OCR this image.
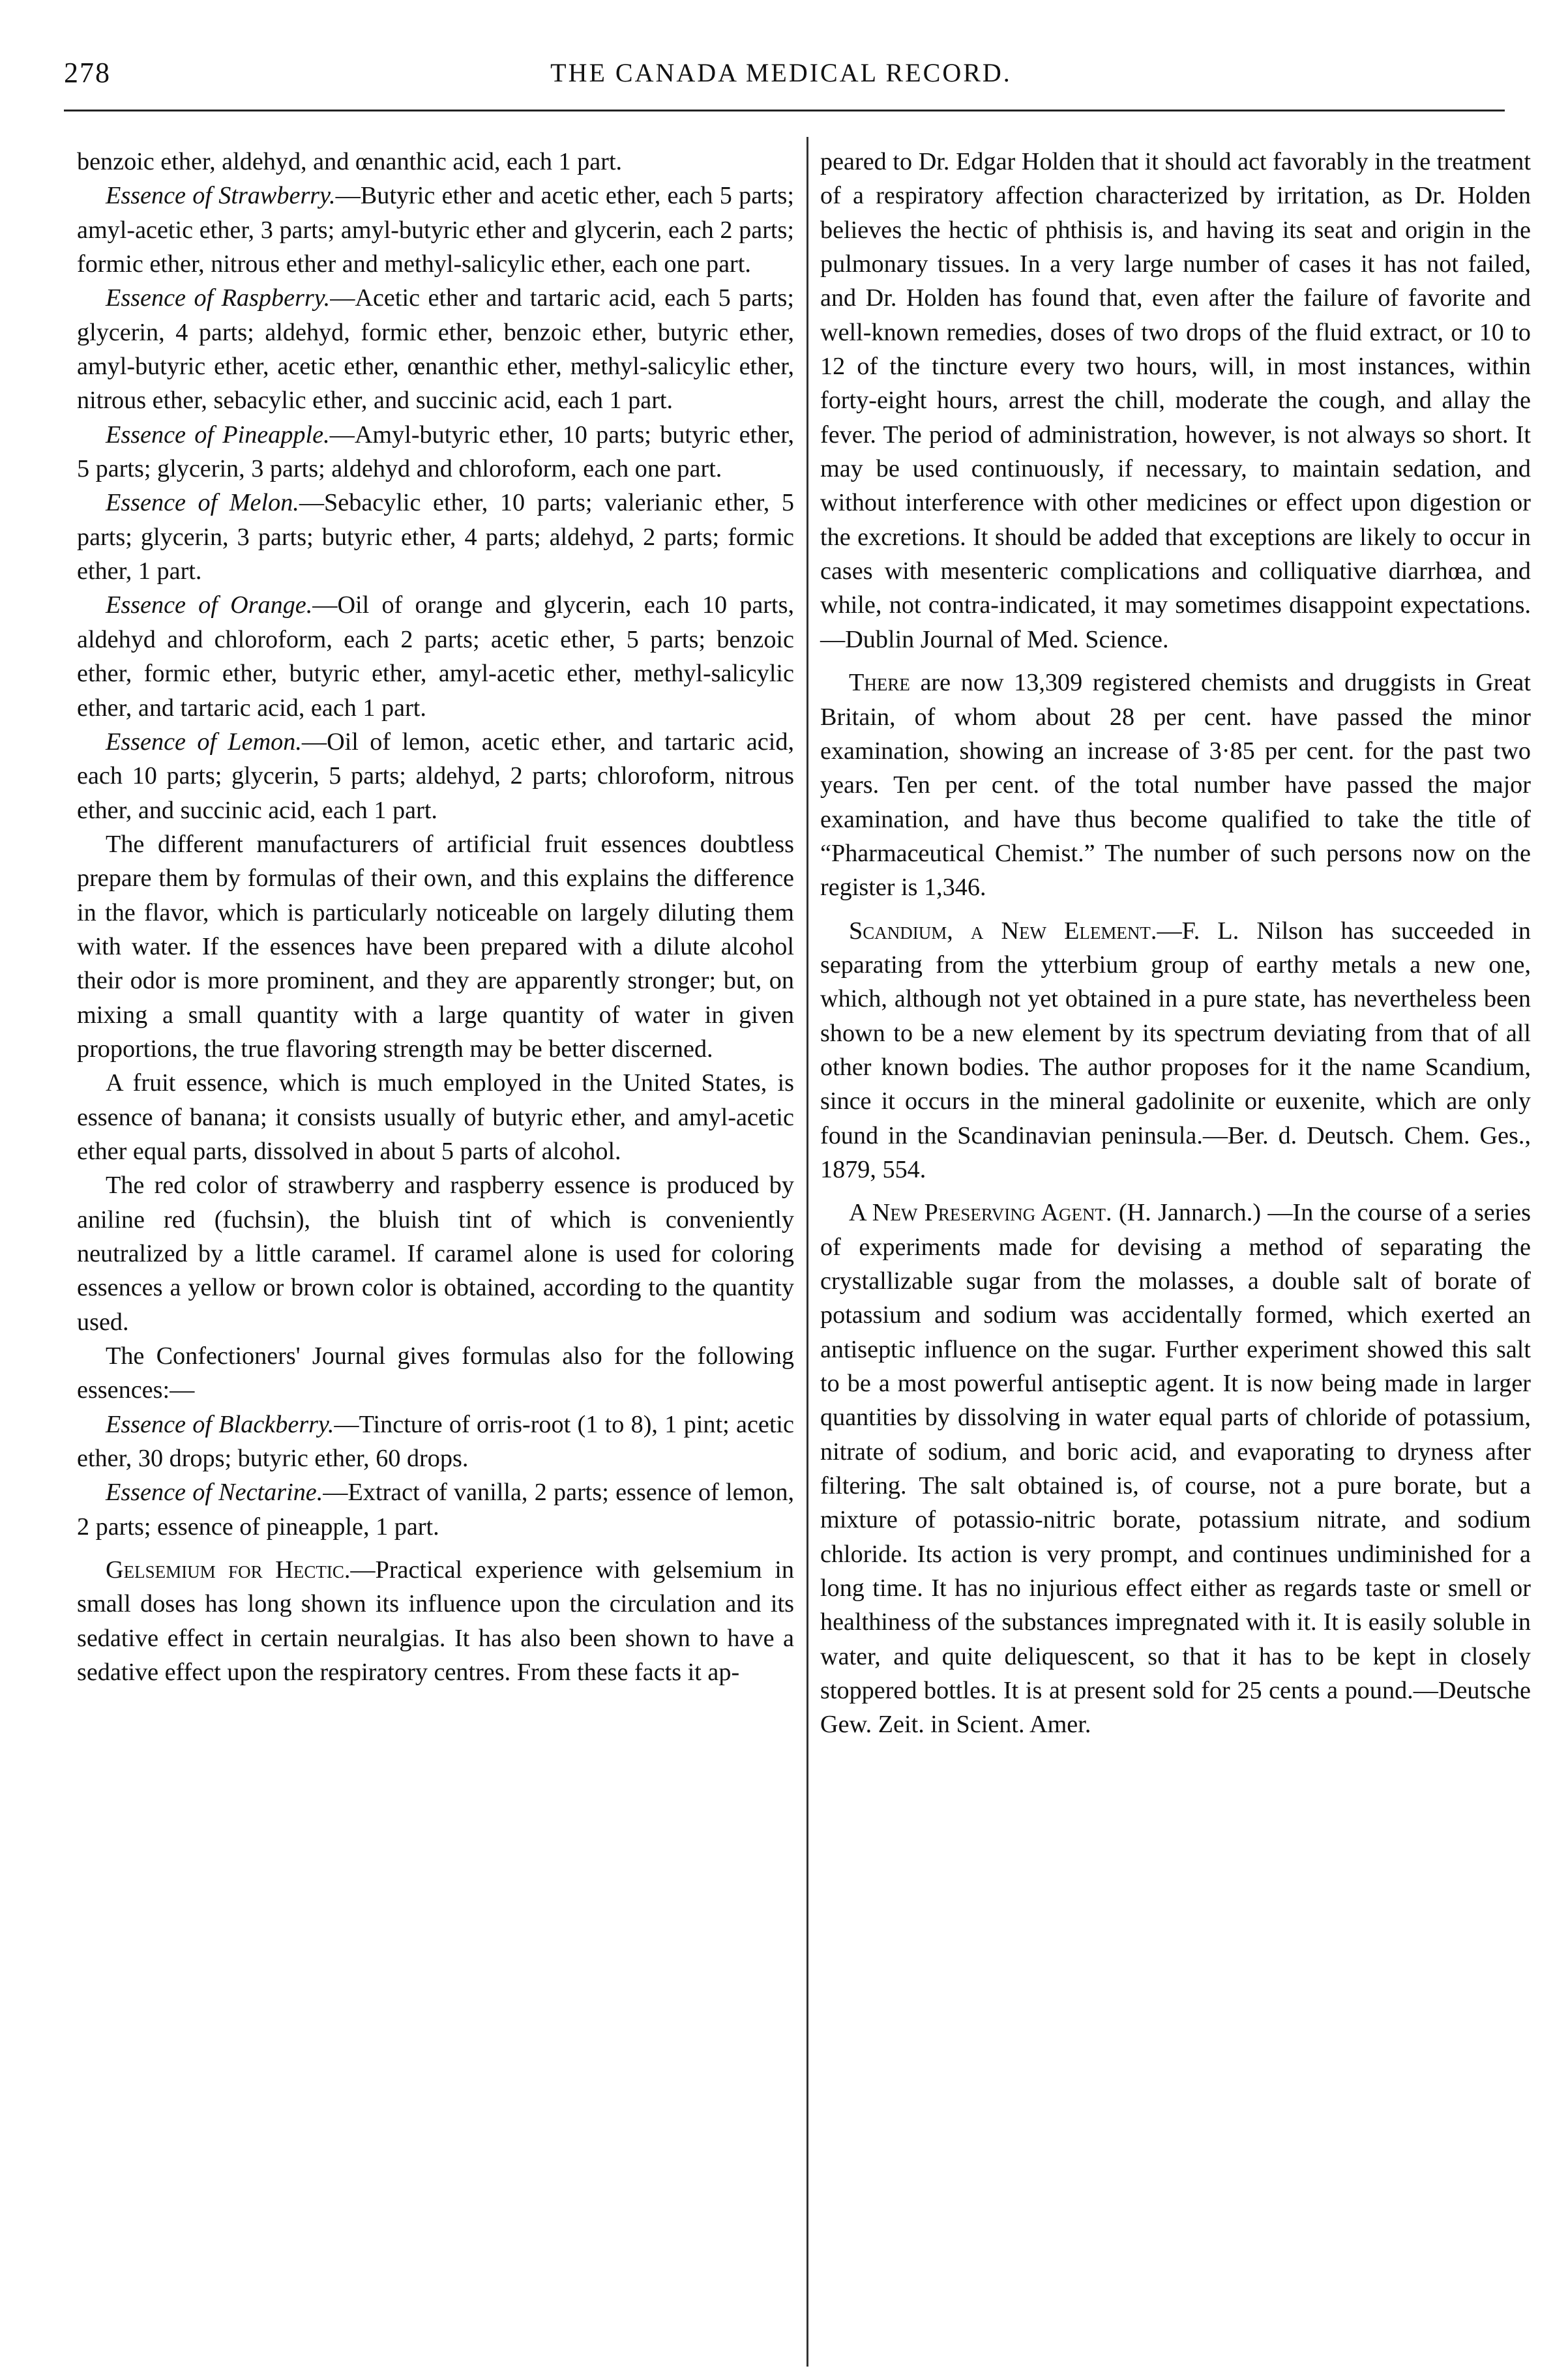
278	THE CANADA MEDICAL RECORD.

benzoic ether, aldehyd, and œnanthic acid, each 1 part.

Essence of Strawberry.—Butyric ether and acetic ether, each 5 parts; amyl-acetic ether, 3 parts; amyl-butyric ether and glycerin, each 2 parts; formic ether, nitrous ether and methyl-salicylic ether, each one part.

Essence of Raspberry.—Acetic ether and tartaric acid, each 5 parts; glycerin, 4 parts; aldehyd, formic ether, benzoic ether, butyric ether, amyl-butyric ether, acetic ether, œnanthic ether, methyl-salicylic ether, nitrous ether, sebacylic ether, and succinic acid, each 1 part.

Essence of Pineapple.—Amyl-butyric ether, 10 parts; butyric ether, 5 parts; glycerin, 3 parts; aldehyd and chloroform, each one part.

Essence of Melon.—Sebacylic ether, 10 parts; valerianic ether, 5 parts; glycerin, 3 parts; butyric ether, 4 parts; aldehyd, 2 parts; formic ether, 1 part.

Essence of Orange.—Oil of orange and glycerin, each 10 parts, aldehyd and chloroform, each 2 parts; acetic ether, 5 parts; benzoic ether, formic ether, butyric ether, amyl-acetic ether, methyl-salicylic ether, and tartaric acid, each 1 part.

Essence of Lemon.—Oil of lemon, acetic ether, and tartaric acid, each 10 parts; glycerin, 5 parts; aldehyd, 2 parts; chloroform, nitrous ether, and succinic acid, each 1 part.

The different manufacturers of artificial fruit essences doubtless prepare them by formulas of their own, and this explains the difference in the flavor, which is particularly noticeable on largely diluting them with water. If the essences have been prepared with a dilute alcohol their odor is more prominent, and they are apparently stronger; but, on mixing a small quantity with a large quantity of water in given proportions, the true flavoring strength may be better discerned.

A fruit essence, which is much employed in the United States, is essence of banana; it consists usually of butyric ether, and amyl-acetic ether equal parts, dissolved in about 5 parts of alcohol.

The red color of strawberry and raspberry essence is produced by aniline red (fuchsin), the bluish tint of which is conveniently neutralized by a little caramel. If caramel alone is used for coloring essences a yellow or brown color is obtained, according to the quantity used.

The Confectioners' Journal gives formulas also for the following essences:—

Essence of Blackberry.—Tincture of orris-root (1 to 8), 1 pint; acetic ether, 30 drops; butyric ether, 60 drops.

Essence of Nectarine.—Extract of vanilla, 2 parts; essence of lemon, 2 parts; essence of pineapple, 1 part.

Gelsemium for Hectic.—Practical experience with gelsemium in small doses has long shown its influence upon the circulation and its sedative effect in certain neuralgias. It has also been shown to have a sedative effect upon the respiratory centres. From these facts it ap-

peared to Dr. Edgar Holden that it should act favorably in the treatment of a respiratory affection characterized by irritation, as Dr. Holden believes the hectic of phthisis is, and having its seat and origin in the pulmonary tissues. In a very large number of cases it has not failed, and Dr. Holden has found that, even after the failure of favorite and well-known remedies, doses of two drops of the fluid extract, or 10 to 12 of the tincture every two hours, will, in most instances, within forty-eight hours, arrest the chill, moderate the cough, and allay the fever. The period of administration, however, is not always so short. It may be used continuously, if necessary, to maintain sedation, and without interference with other medicines or effect upon digestion or the excretions. It should be added that exceptions are likely to occur in cases with mesenteric complications and colliquative diarrhœa, and while, not contra-indicated, it may sometimes disappoint expectations.—Dublin Journal of Med. Science.

There are now 13,309 registered chemists and druggists in Great Britain, of whom about 28 per cent. have passed the minor examination, showing an increase of 3·85 per cent. for the past two years. Ten per cent. of the total number have passed the major examination, and have thus become qualified to take the title of “Pharmaceutical Chemist.” The number of such persons now on the register is 1,346.

Scandium, a New Element.—F. L. Nilson has succeeded in separating from the ytterbium group of earthy metals a new one, which, although not yet obtained in a pure state, has nevertheless been shown to be a new element by its spectrum deviating from that of all other known bodies. The author proposes for it the name Scandium, since it occurs in the mineral gadolinite or euxenite, which are only found in the Scandinavian peninsula.—Ber. d. Deutsch. Chem. Ges., 1879, 554.

A New Preserving Agent. (H. Jannarch.) —In the course of a series of experiments made for devising a method of separating the crystallizable sugar from the molasses, a double salt of borate of potassium and sodium was accidentally formed, which exerted an antiseptic influence on the sugar. Further experiment showed this salt to be a most powerful antiseptic agent. It is now being made in larger quantities by dissolving in water equal parts of chloride of potassium, nitrate of sodium, and boric acid, and evaporating to dryness after filtering. The salt obtained is, of course, not a pure borate, but a mixture of potassio-nitric borate, potassium nitrate, and sodium chloride. Its action is very prompt, and continues undiminished for a long time. It has no injurious effect either as regards taste or smell or healthiness of the substances impregnated with it. It is easily soluble in water, and quite deliquescent, so that it has to be kept in closely stoppered bottles. It is at present sold for 25 cents a pound.—Deutsche Gew. Zeit. in Scient. Amer.
